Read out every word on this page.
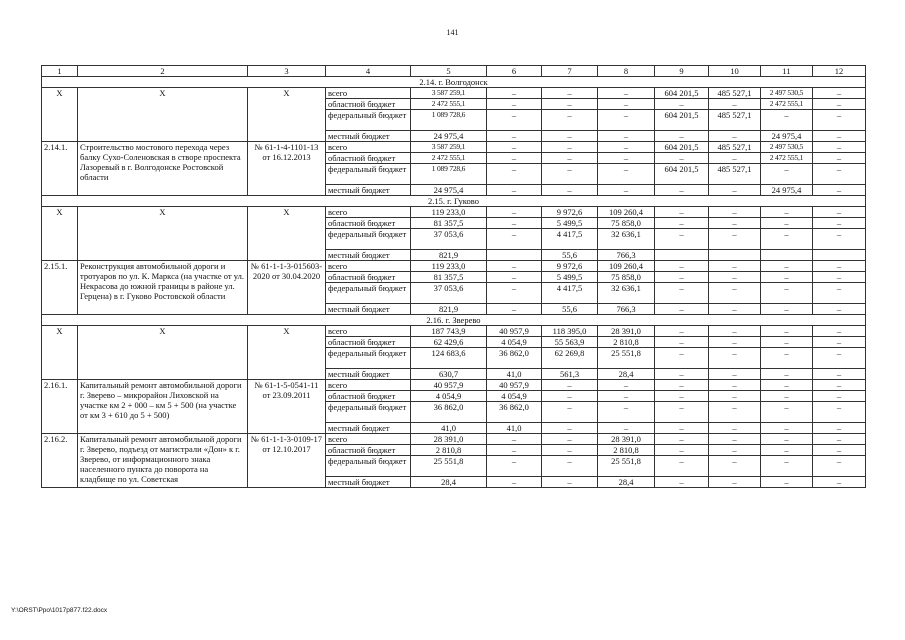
141
1	2	3	4	5	6	7	8	9	10	11	12
2.14. г. Волгодонск											
X	X	X	всего	3 587 259,1	–	–	–	604 201,5	485 527,1	2 497 530,5	–
			областной бюджет	2 472 555,1	–	–	–	–	–	2 472 555,1	–
			федеральный бюджет	1 089 728,6	–	–	–	604 201,5	485 527,1	–	–
			местный бюджет	24 975,4	–	–	–	–	–	24 975,4	–
2.14.1.	Строительство мостового перехода через балку Сухо-Соленовская в створе проспекта Лазоревый в г. Волгодонске Ростовской области	№ 61-1-4-1101-13 от 16.12.2013	всего	3 587 259,1	–	–	–	604 201,5	485 527,1	2 497 530,5	–
			областной бюджет	2 472 555,1	–	–	–	–	–	2 472 555,1	–
			федеральный бюджет	1 089 728,6	–	–	–	604 201,5	485 527,1	–	–
			местный бюджет	24 975,4	–	–	–	–	–	24 975,4	–
2.15. г. Гуково											
X	X	X	всего	119 233,0	–	9 972,6	109 260,4	–	–	–	–
			областной бюджет	81 357,5	–	5 499,5	75 858,0	–	–	–	–
			федеральный бюджет	37 053,6	–	4 417,5	32 636,1	–	–	–	–
			местный бюджет	821,9		55,6	766,3				
2.15.1.	Реконструкция автомобильной дороги и тротуаров по ул. К. Маркса (на участке от ул. Некрасова до южной границы в районе ул. Герцена) в г. Гуково Ростовской области	№ 61-1-1-3-015603-2020 от 30.04.2020	всего	119 233,0	–	9 972,6	109 260,4	–	–	–	–
			областной бюджет	81 357,5	–	5 499,5	75 858,0	–	–	–	–
			федеральный бюджет	37 053,6	–	4 417,5	32 636,1	–	–	–	–
			местный бюджет	821,9	–	55,6	766,3	–	–	–	–
2.16. г. Зверево											
X	X	X	всего	187 743,9	40 957,9	118 395,0	28 391,0	–	–	–	–
			областной бюджет	62 429,6	4 054,9	55 563,9	2 810,8	–	–	–	–
			федеральный бюджет	124 683,6	36 862,0	62 269,8	25 551,8	–	–	–	–
			местный бюджет	630,7	41,0	561,3	28,4	–	–	–	–
2.16.1.	Капитальный ремонт автомобильной дороги г. Зверево – микрорайон Лиховской на участке км 2 + 000 – км 5 + 500 (на участке от км 3 + 610 до 5 + 500)	№ 61-1-5-0541-11 от 23.09.2011	всего	40 957,9	40 957,9	–	–	–	–	–	–
			областной бюджет	4 054,9	4 054,9	–	–	–	–	–	–
			федеральный бюджет	36 862,0	36 862,0	–	–	–	–	–	–
			местный бюджет	41,0	41,0	–	–	–	–	–	–
2.16.2.	Капитальный ремонт автомобильной дороги г. Зверево, подъезд от магистрали «Дон» к г. Зверево, от информационного знака населенного пункта до поворота на кладбище по ул. Советская	№ 61-1-1-3-0109-17 от 12.10.2017	всего	28 391,0	–	–	28 391,0	–	–	–	–
			областной бюджет	2 810,8	–	–	2 810,8	–	–	–	–
			федеральный бюджет	25 551,8	–	–	25 551,8	–	–	–	–
			местный бюджет	28,4	–	–	28,4	–	–	–	–
Y:\ORST\Ppo\1017p877.f22.docx
